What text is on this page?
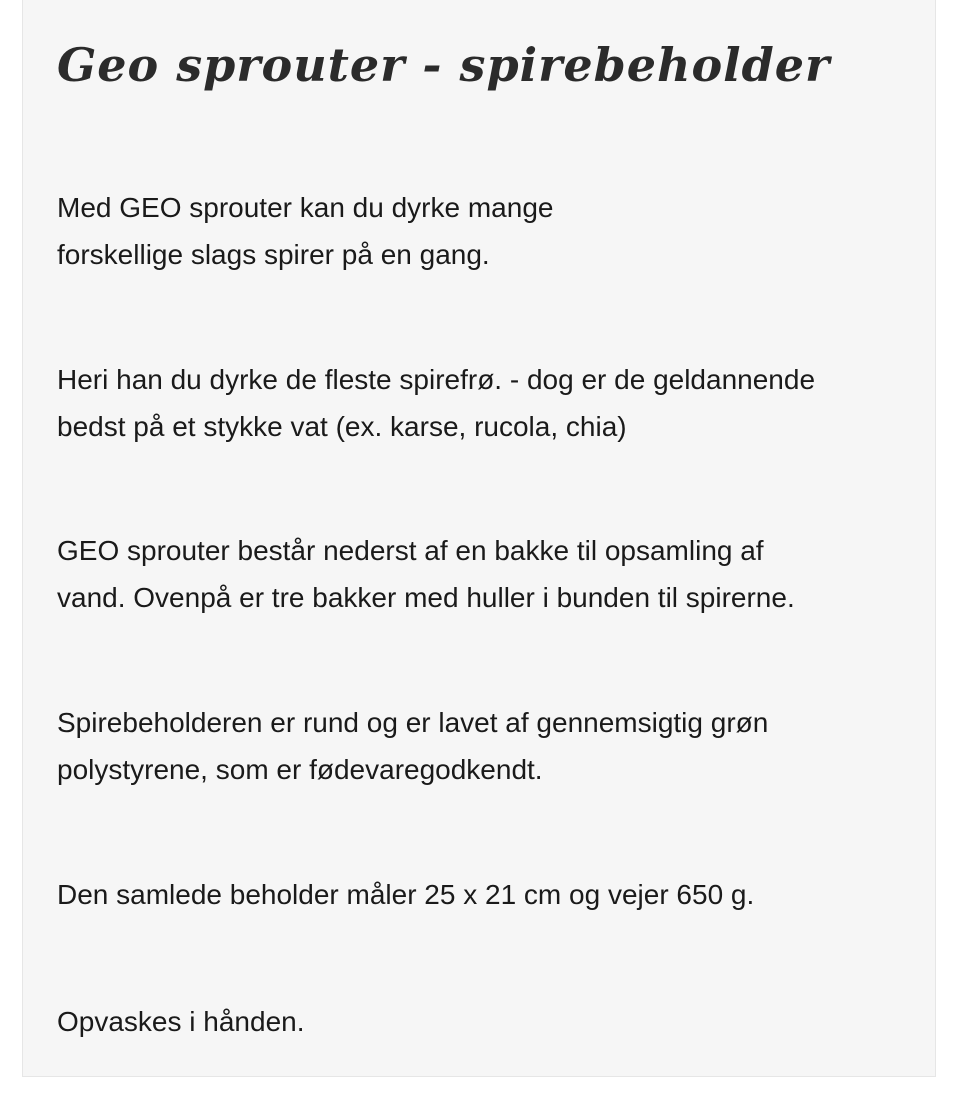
Geo sprouter - spirebeholder

Med GEO sprouter kan du dyrke mange
forskellige slags spirer på en gang.

Heri han du dyrke de fleste spirefrø. - dog er de geldannende
bedst på et stykke vat (ex. karse, rucola, chia)

GEO sprouter består nederst af en bakke til opsamling af
vand. Ovenpå er tre bakker med huller i bunden til spirerne.

Spirebeholderen er rund og er lavet af gennemsigtig grøn
polystyrene, som er fødevaregodkendt.

Den samlede beholder måler 25 x 21 cm og vejer 650 g.

Opvaskes i hånden.
